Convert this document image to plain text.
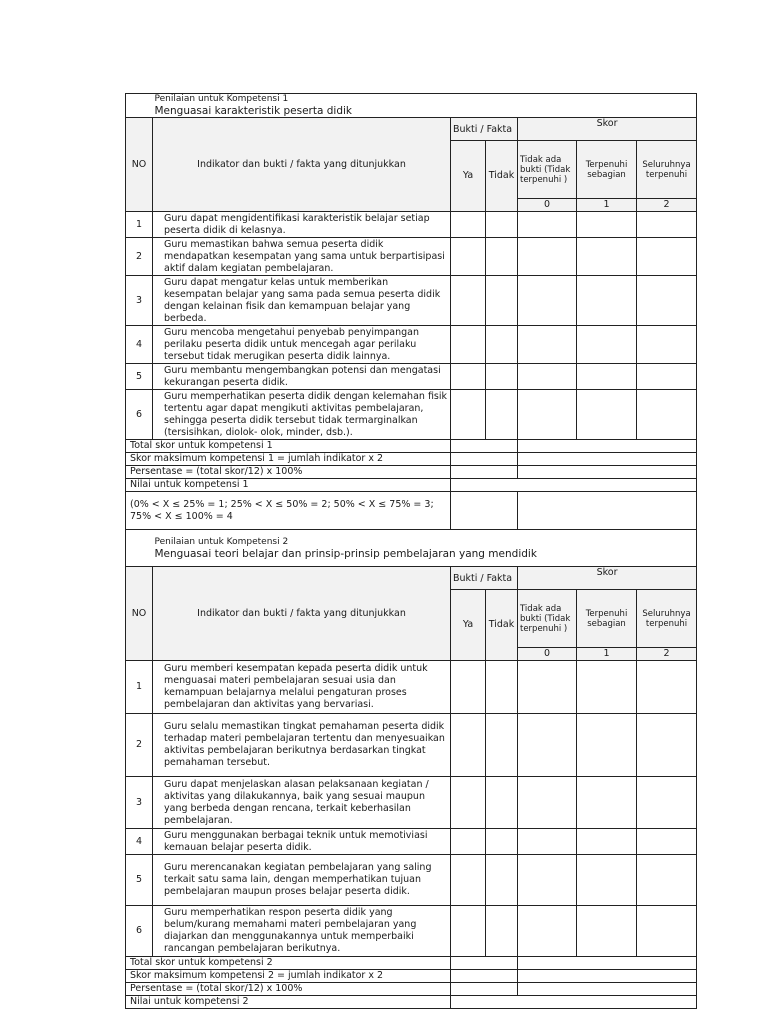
	Penilaian untuk Kompetensi 1
Menguasai karakteristik peserta didik					

NO	Indikator dan bukti / fakta yang ditunjukkan	Bukti / Fakta		Skor		
		Ya	Tidak	Tidak ada bukti (Tidak terpenuhi )	Terpenuhi sebagian	Seluruhnya terpenuhi
				0	1	2
1	Guru dapat mengidentifikasi karakteristik belajar setiap peserta didik di kelasnya.					
2	Guru memastikan bahwa semua peserta didik mendapatkan kesempatan yang sama untuk berpartisipasi aktif dalam kegiatan pembelajaran.					
3	Guru dapat mengatur kelas untuk memberikan kesempatan belajar yang sama pada semua peserta didik dengan kelainan fisik dan kemampuan belajar yang berbeda.					
4	Guru mencoba mengetahui penyebab penyimpangan perilaku peserta didik untuk mencegah agar perilaku tersebut tidak merugikan peserta didik lainnya.					
5	Guru membantu mengembangkan potensi dan mengatasi kekurangan peserta didik.					
6	Guru memperhatikan peserta didik dengan kelemahan fisik tertentu agar dapat mengikuti aktivitas pembelajaran, sehingga peserta didik tersebut tidak termarginalkan (tersisihkan, diolok- olok, minder, dsb.).					
Total skor untuk kompetensi 1						
Skor maksimum kompetensi 1 = jumlah indikator x 2						
Persentase = (total skor/12) x 100%						
Nilai untuk kompetensi 1						
(0% < X ≤ 25% = 1; 25% < X ≤ 50% = 2; 50% < X ≤ 75% = 3; 75% < X ≤ 100% = 4						

	Penilaian untuk Kompetensi 2
Menguasai teori belajar dan prinsip-prinsip pembelajaran yang mendidik					

NO	Indikator dan bukti / fakta yang ditunjukkan	Bukti / Fakta		Skor		
		Ya	Tidak	Tidak ada bukti (Tidak terpenuhi )	Terpenuhi sebagian	Seluruhnya terpenuhi
				0	1	2
1	Guru memberi kesempatan kepada peserta didik untuk menguasai materi pembelajaran sesuai usia dan kemampuan belajarnya melalui pengaturan proses pembelajaran dan aktivitas yang bervariasi.					
2	Guru selalu memastikan tingkat pemahaman peserta didik terhadap materi pembelajaran tertentu dan menyesuaikan aktivitas pembelajaran berikutnya berdasarkan tingkat pemahaman tersebut.					
3	Guru dapat menjelaskan alasan pelaksanaan kegiatan / aktivitas yang dilakukannya, baik yang sesuai maupun yang berbeda dengan rencana, terkait keberhasilan pembelajaran.					
4	Guru menggunakan berbagai teknik untuk memotiviasi kemauan belajar peserta didik.					
5	Guru merencanakan kegiatan pembelajaran yang saling terkait satu sama lain, dengan memperhatikan tujuan pembelajaran maupun proses belajar peserta didik.					
6	Guru memperhatikan respon peserta didik yang belum/kurang memahami materi pembelajaran yang diajarkan dan menggunakannya untuk memperbaiki rancangan pembelajaran berikutnya.					
Total skor untuk kompetensi 2						
Skor maksimum kompetensi 2 = jumlah indikator x 2						
Persentase = (total skor/12) x 100%						
Nilai untuk kompetensi 2						
